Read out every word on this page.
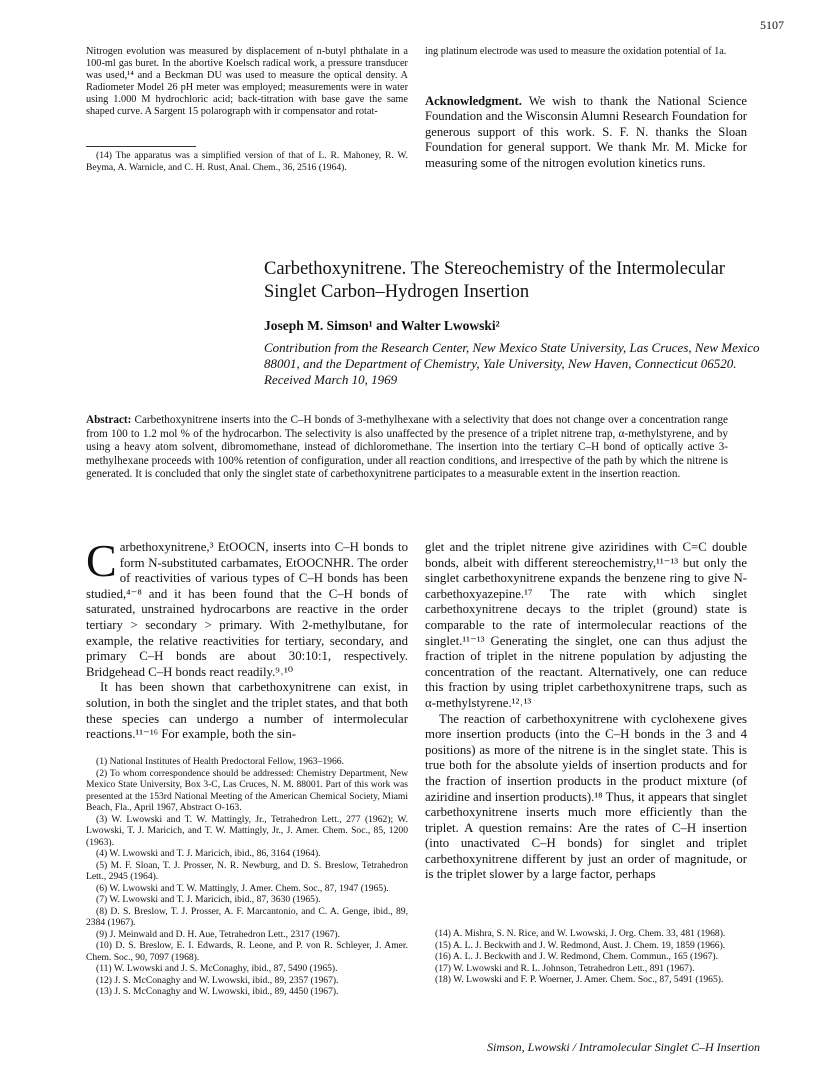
5107

Nitrogen evolution was measured by displacement of n-butyl phthalate in a 100-ml gas buret. In the abortive Koelsch radical work, a pressure transducer was used,¹⁴ and a Beckman DU was used to measure the optical density. A Radiometer Model 26 pH meter was employed; measurements were in water using 1.000 M hydrochloric acid; back-titration with base gave the same shaped curve. A Sargent 15 polarograph with ir compensator and rotat-

(14) The apparatus was a simplified version of that of L. R. Mahoney, R. W. Beyma, A. Warnicle, and C. H. Rust, Anal. Chem., 36, 2516 (1964).

ing platinum electrode was used to measure the oxidation potential of 1a.

Acknowledgment. We wish to thank the National Science Foundation and the Wisconsin Alumni Research Foundation for generous support of this work. S. F. N. thanks the Sloan Foundation for general support. We thank Mr. M. Micke for measuring some of the nitrogen evolution kinetics runs.

Carbethoxynitrene. The Stereochemistry of the Intermolecular Singlet Carbon–Hydrogen Insertion
Joseph M. Simson¹ and Walter Lwowski²
Contribution from the Research Center, New Mexico State University, Las Cruces, New Mexico 88001, and the Department of Chemistry, Yale University, New Haven, Connecticut 06520. Received March 10, 1969
Abstract: Carbethoxynitrene inserts into the C–H bonds of 3-methylhexane with a selectivity that does not change over a concentration range from 100 to 1.2 mol % of the hydrocarbon. The selectivity is also unaffected by the presence of a triplet nitrene trap, α-methylstyrene, and by using a heavy atom solvent, dibromomethane, instead of dichloromethane. The insertion into the tertiary C–H bond of optically active 3-methylhexane proceeds with 100% retention of configuration, under all reaction conditions, and irrespective of the path by which the nitrene is generated. It is concluded that only the singlet state of carbethoxynitrene participates to a measurable extent in the insertion reaction.

Carbethoxynitrene,³ EtOOCN, inserts into C–H bonds to form N-substituted carbamates, EtOOCNHR. The order of reactivities of various types of C–H bonds has been studied,⁴⁻⁸ and it has been found that the C–H bonds of saturated, unstrained hydrocarbons are reactive in the order tertiary > secondary > primary. With 2-methylbutane, for example, the relative reactivities for tertiary, secondary, and primary C–H bonds are about 30:10:1, respectively. Bridgehead C–H bonds react readily.⁹˒¹⁰

It has been shown that carbethoxynitrene can exist, in solution, in both the singlet and the triplet states, and that both these species can undergo a number of intermolecular reactions.¹¹⁻¹⁶ For example, both the sin-

(1) National Institutes of Health Predoctoral Fellow, 1963–1966.

(2) To whom correspondence should be addressed: Chemistry Department, New Mexico State University, Box 3-C, Las Cruces, N. M. 88001. Part of this work was presented at the 153rd National Meeting of the American Chemical Society, Miami Beach, Fla., April 1967, Abstract O-163.

(3) W. Lwowski and T. W. Mattingly, Jr., Tetrahedron Lett., 277 (1962); W. Lwowski, T. J. Maricich, and T. W. Mattingly, Jr., J. Amer. Chem. Soc., 85, 1200 (1963).

(4) W. Lwowski and T. J. Maricich, ibid., 86, 3164 (1964).

(5) M. F. Sloan, T. J. Prosser, N. R. Newburg, and D. S. Breslow, Tetrahedron Lett., 2945 (1964).

(6) W. Lwowski and T. W. Mattingly, J. Amer. Chem. Soc., 87, 1947 (1965).

(7) W. Lwowski and T. J. Maricich, ibid., 87, 3630 (1965).

(8) D. S. Breslow, T. J. Prosser, A. F. Marcantonio, and C. A. Genge, ibid., 89, 2384 (1967).

(9) J. Meinwald and D. H. Aue, Tetrahedron Lett., 2317 (1967).

(10) D. S. Breslow, E. I. Edwards, R. Leone, and P. von R. Schleyer, J. Amer. Chem. Soc., 90, 7097 (1968).

(11) W. Lwowski and J. S. McConaghy, ibid., 87, 5490 (1965).

(12) J. S. McConaghy and W. Lwowski, ibid., 89, 2357 (1967).

(13) J. S. McConaghy and W. Lwowski, ibid., 89, 4450 (1967).

glet and the triplet nitrene give aziridines with C=C double bonds, albeit with different stereochemistry,¹¹⁻¹³ but only the singlet carbethoxynitrene expands the benzene ring to give N-carbethoxyazepine.¹⁷ The rate with which singlet carbethoxynitrene decays to the triplet (ground) state is comparable to the rate of intermolecular reactions of the singlet.¹¹⁻¹³ Generating the singlet, one can thus adjust the fraction of triplet in the nitrene population by adjusting the concentration of the reactant. Alternatively, one can reduce this fraction by using triplet carbethoxynitrene traps, such as α-methylstyrene.¹²˒¹³

The reaction of carbethoxynitrene with cyclohexene gives more insertion products (into the C–H bonds in the 3 and 4 positions) as more of the nitrene is in the singlet state. This is true both for the absolute yields of insertion products and for the fraction of insertion products in the product mixture (of aziridine and insertion products).¹⁸ Thus, it appears that singlet carbethoxynitrene inserts much more efficiently than the triplet. A question remains: Are the rates of C–H insertion (into unactivated C–H bonds) for singlet and triplet carbethoxynitrene different by just an order of magnitude, or is the triplet slower by a large factor, perhaps

(14) A. Mishra, S. N. Rice, and W. Lwowski, J. Org. Chem. 33, 481 (1968).

(15) A. L. J. Beckwith and J. W. Redmond, Aust. J. Chem. 19, 1859 (1966).

(16) A. L. J. Beckwith and J. W. Redmond, Chem. Commun., 165 (1967).

(17) W. Lwowski and R. L. Johnson, Tetrahedron Lett., 891 (1967).

(18) W. Lwowski and F. P. Woerner, J. Amer. Chem. Soc., 87, 5491 (1965).

Simson, Lwowski / Intramolecular Singlet C–H Insertion
